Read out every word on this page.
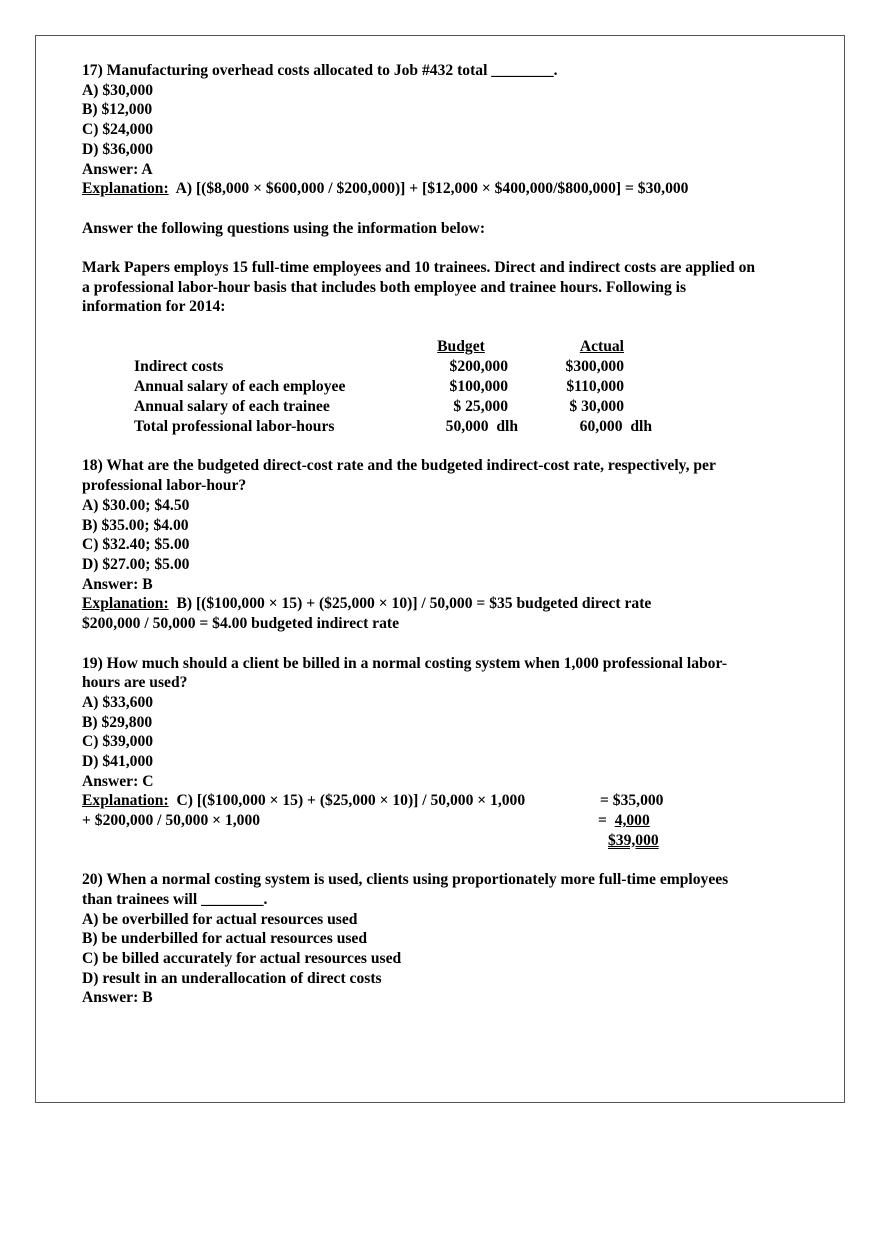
17) Manufacturing overhead costs allocated to Job #432 total ________.
A) $30,000
B) $12,000
C) $24,000
D) $36,000
Answer: A
Explanation:  A) [($8,000 × $600,000 / $200,000)] + [$12,000 × $400,000/$800,000] = $30,000
Answer the following questions using the information below:
Mark Papers employs 15 full-time employees and 10 trainees. Direct and indirect costs are applied on a professional labor-hour basis that includes both employee and trainee hours. Following is information for 2014:
	Budget	Actual
Indirect costs	$200,000	$300,000
Annual salary of each employee	$100,000	$110,000
Annual salary of each trainee	$ 25,000	$ 30,000
Total professional labor-hours	50,000  dlh	60,000  dlh
18) What are the budgeted direct-cost rate and the budgeted indirect-cost rate, respectively, per
professional labor-hour?
A) $30.00; $4.50
B) $35.00; $4.00
C) $32.40; $5.00
D) $27.00; $5.00
Answer: B
Explanation:  B) [($100,000 × 15) + ($25,000 × 10)] / 50,000 = $35 budgeted direct rate
$200,000 / 50,000 = $4.00 budgeted indirect rate
19) How much should a client be billed in a normal costing system when 1,000 professional labor-
hours are used?
A) $33,600
B) $29,800
C) $39,000
D) $41,000
Answer: C
Explanation:  C) [($100,000 × 15) + ($25,000 × 10)] / 50,000 × 1,000	= $35,000
+ $200,000 / 50,000 × 1,000	=  4,000
$39,000
20) When a normal costing system is used, clients using proportionately more full-time employees
than trainees will ________.
A) be overbilled for actual resources used
B) be underbilled for actual resources used
C) be billed accurately for actual resources used
D) result in an underallocation of direct costs
Answer: B
